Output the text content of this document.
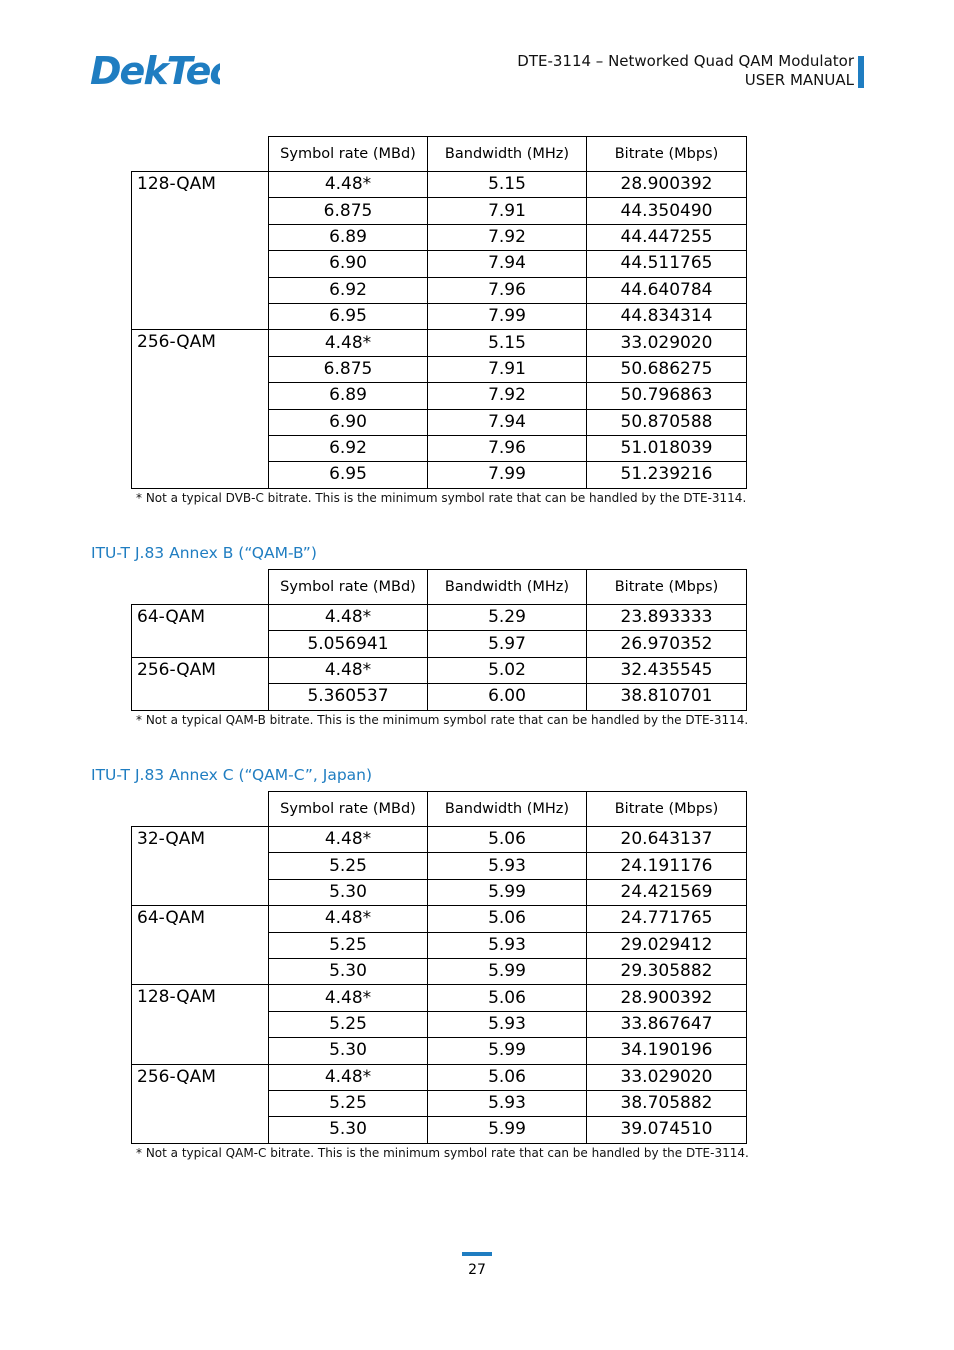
DekTec	DTE-3114 – Networked Quad QAM Modulator
USER MANUAL
	Symbol rate (MBd)	Bandwidth (MHz)	Bitrate (Mbps)
128-QAM	4.48*	5.15	28.900392
	6.875	7.91	44.350490
	6.89	7.92	44.447255
	6.90	7.94	44.511765
	6.92	7.96	44.640784
	6.95	7.99	44.834314
256-QAM	4.48*	5.15	33.029020
	6.875	7.91	50.686275
	6.89	7.92	50.796863
	6.90	7.94	50.870588
	6.92	7.96	51.018039
	6.95	7.99	51.239216
* Not a typical DVB-C bitrate. This is the minimum symbol rate that can be handled by the DTE-3114.
ITU-T J.83 Annex B (“QAM-B”)
	Symbol rate (MBd)	Bandwidth (MHz)	Bitrate (Mbps)
64-QAM	4.48*	5.29	23.893333
	5.056941	5.97	26.970352
256-QAM	4.48*	5.02	32.435545
	5.360537	6.00	38.810701
* Not a typical QAM-B bitrate. This is the minimum symbol rate that can be handled by the DTE-3114.
ITU-T J.83 Annex C (“QAM-C”, Japan)
	Symbol rate (MBd)	Bandwidth (MHz)	Bitrate (Mbps)
32-QAM	4.48*	5.06	20.643137
	5.25	5.93	24.191176
	5.30	5.99	24.421569
64-QAM	4.48*	5.06	24.771765
	5.25	5.93	29.029412
	5.30	5.99	29.305882
128-QAM	4.48*	5.06	28.900392
	5.25	5.93	33.867647
	5.30	5.99	34.190196
256-QAM	4.48*	5.06	33.029020
	5.25	5.93	38.705882
	5.30	5.99	39.074510
* Not a typical QAM-C bitrate. This is the minimum symbol rate that can be handled by the DTE-3114.
27
